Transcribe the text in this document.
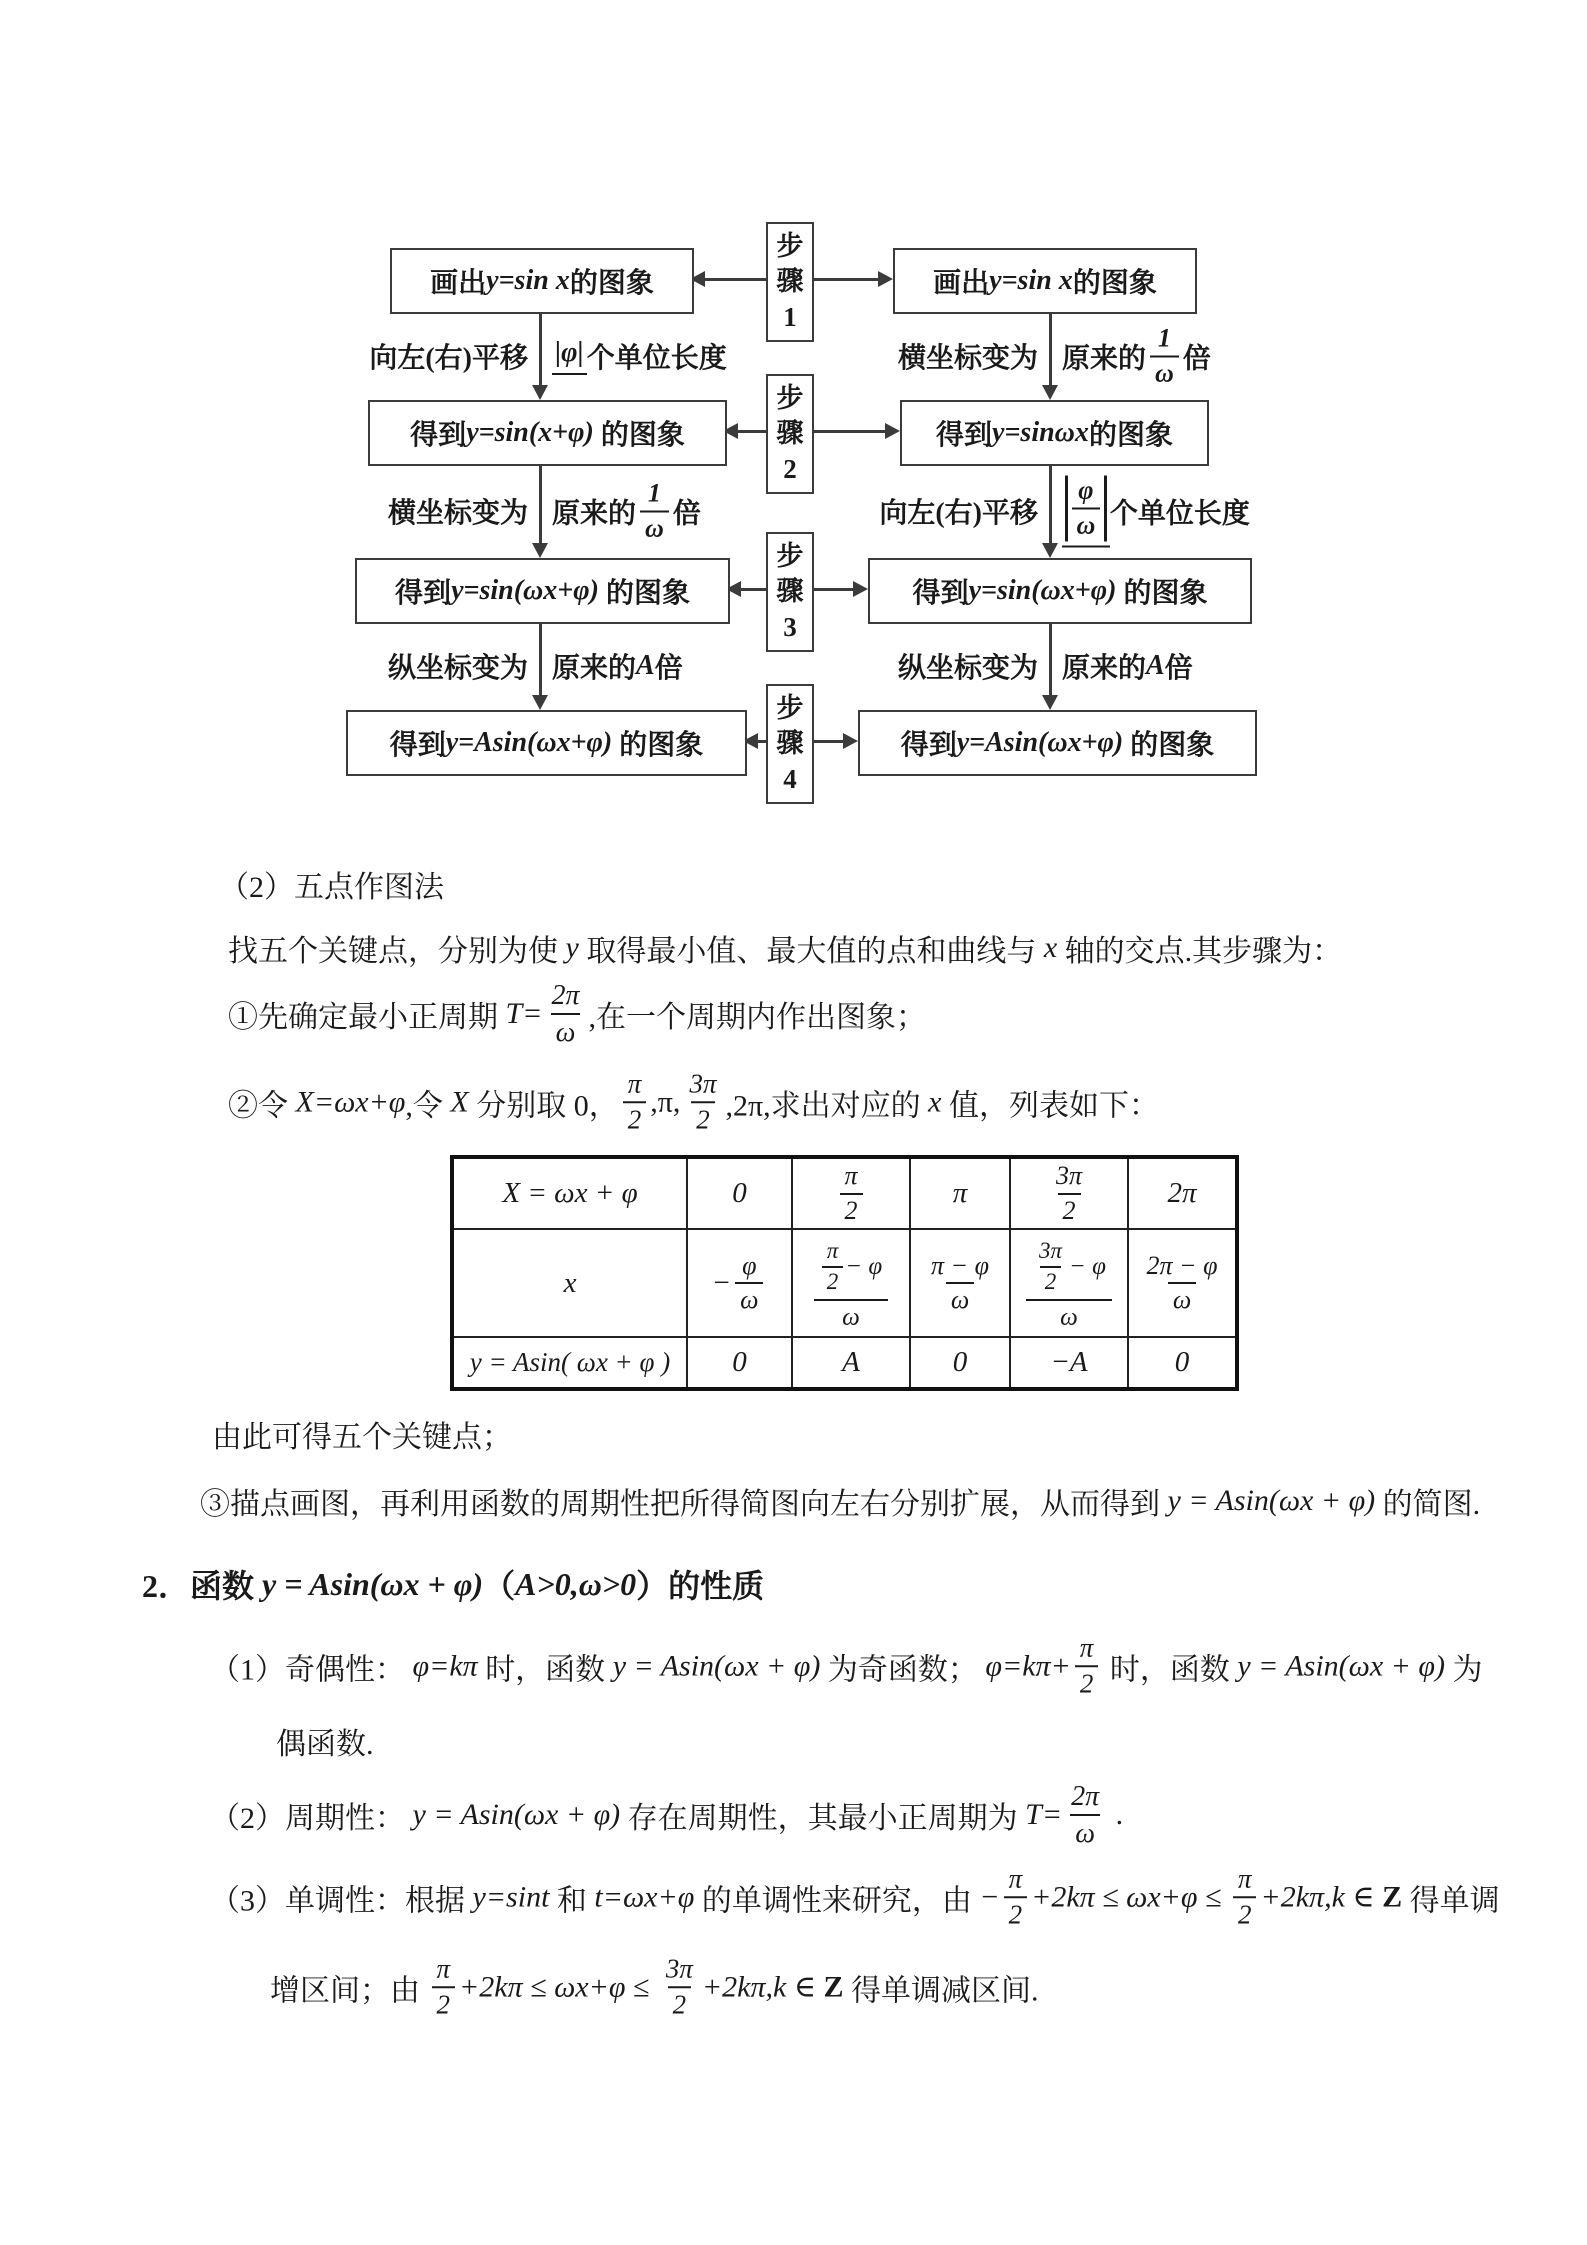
画出 y=sin x 的图象
得到 y=sin(x+φ) 的图象
得到 y=sin(ωx+φ) 的图象
得到 y=Asin(ωx+φ) 的图象
画出 y=sin x 的图象
得到 y=sinωx 的图象
得到 y=sin(ωx+φ) 的图象
得到 y=Asin(ωx+φ) 的图象
步骤1
步骤2
步骤3
步骤4
向左(右)平移 |φ| 个单位长度
横坐标变为 原来的 $\frac{1}{\omega}$ 倍
纵坐标变为 原来的 A 倍
横坐标变为 原来的 $\frac{1}{\omega}$ 倍
向左(右)平移 $\frac{\varphi}{\omega}$ 个单位长度
纵坐标变为 原来的 A 倍
（2）五点作图法
找五个关键点，分别为使 y 取得最小值、最大值的点和曲线与 x 轴的交点.其步骤为：
①先确定最小正周期 $T= \frac{2\pi}{\omega}$ ,在一个周期内作出图象；
②令 X=ωx+φ ,令 X 分别取 0， $\frac{\pi}{2} ,\pi$, $\frac{3\pi}{2} ,2\pi$,求出对应的 x 值，列表如下：
X = ωx + φ	0	$\frac{\pi}{2}$	π	$\frac{3\pi}{2}$	2π
x	− $\frac{\varphi}{\omega}$	$\frac{\frac{\pi}{2} - \varphi}{\omega}$	$\frac{\pi - \varphi}{\omega}$	$\frac{\frac{3\pi}{2} - \varphi}{\omega}$	$\frac{2\pi - \varphi}{\omega}$

y = Asin( ωx + φ )	0	A	0	−A	0
由此可得五个关键点；
③描点画图，再利用函数的周期性把所得简图向左右分别扩展，从而得到 y = Asin(ωx + φ) 的简图.
2．函数 y = Asin(ωx + φ) （ A>0,ω>0 ）的性质
（1）奇偶性： φ=kπ 时，函数 y = Asin(ωx + φ) 为奇函数； $\varphi=k\pi+ \frac{\pi}{2}$ 时，函数 y = Asin(ωx + φ) 为
偶函数.
（2）周期性： y = Asin(ωx + φ) 存在周期性，其最小正周期为 $T= \frac{2\pi}{\omega}$ .
（3）单调性：根据 y=sint 和 t=ωx+φ 的单调性来研究，由 − $\frac{\pi}{2} +2k\pi \le \omega x+\varphi \le \frac{\pi}{2} +2k\pi,k$ ∈ Z 得单调
增区间；由 $\frac{\pi}{2} +2k\pi \le \omega x+\varphi \le \frac{3\pi}{2} +2k\pi,k$ ∈ Z 得单调减区间.
